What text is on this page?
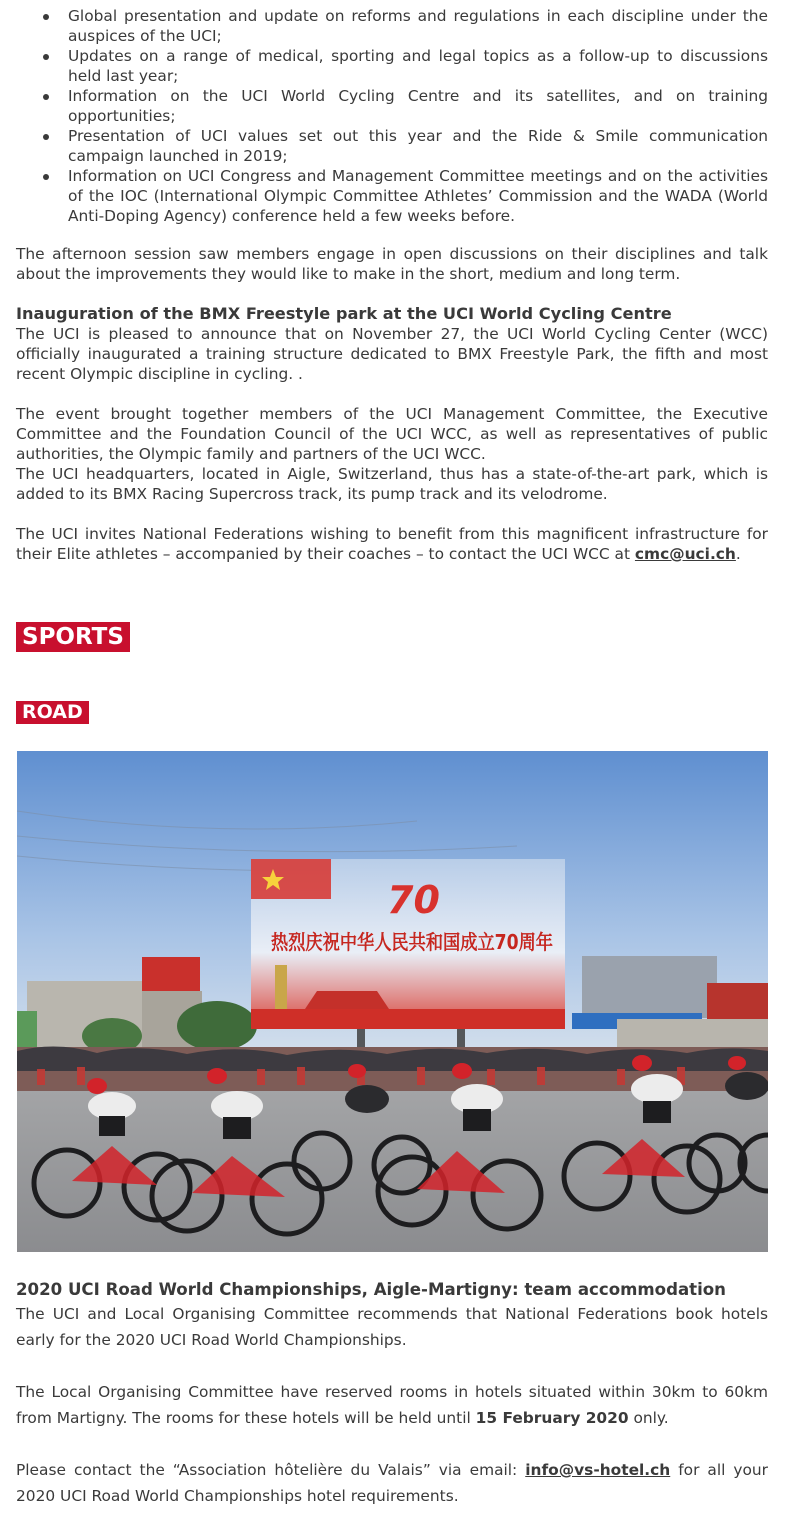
Global presentation and update on reforms and regulations in each discipline under the auspices of the UCI;
Updates on a range of medical, sporting and legal topics as a follow-up to discussions held last year;
Information on the UCI World Cycling Centre and its satellites, and on training opportunities;
Presentation of UCI values set out this year and the Ride & Smile communication campaign launched in 2019;
Information on UCI Congress and Management Committee meetings and on the activities of the IOC (International Olympic Committee Athletes’ Commission and the WADA (World Anti-Doping Agency) conference held a few weeks before.

The afternoon session saw members engage in open discussions on their disciplines and talk about the improvements they would like to make in the short, medium and long term.

Inauguration of the BMX Freestyle park at the UCI World Cycling Centre

The UCI is pleased to announce that on November 27, the UCI World Cycling Center (WCC) officially inaugurated a training structure dedicated to BMX Freestyle Park, the fifth and most recent Olympic discipline in cycling. .

The event brought together members of the UCI Management Committee, the Executive Committee and the Foundation Council of the UCI WCC, as well as representatives of public authorities, the Olympic family and partners of the UCI WCC.

The UCI headquarters, located in Aigle, Switzerland, thus has a state-of-the-art park, which is added to its BMX Racing Supercross track, its pump track and its velodrome.

The UCI invites National Federations wishing to benefit from this magnificent infrastructure for their Elite athletes – accompanied by their coaches – to contact the UCI WCC at cmc@uci.ch.

SPORTS
ROAD
70
热烈庆祝中华人民共和国成立70周年
2020 UCI Road World Championships, Aigle-Martigny: team accommodation

The UCI and Local Organising Committee recommends that National Federations book hotels early for the 2020 UCI Road World Championships.

The Local Organising Committee have reserved rooms in hotels situated within 30km to 60km from Martigny. The rooms for these hotels will be held until 15 February 2020 only.

Please contact the “Association hôtelière du Valais” via email: info@vs-hotel.ch for all your 2020 UCI Road World Championships hotel requirements.
